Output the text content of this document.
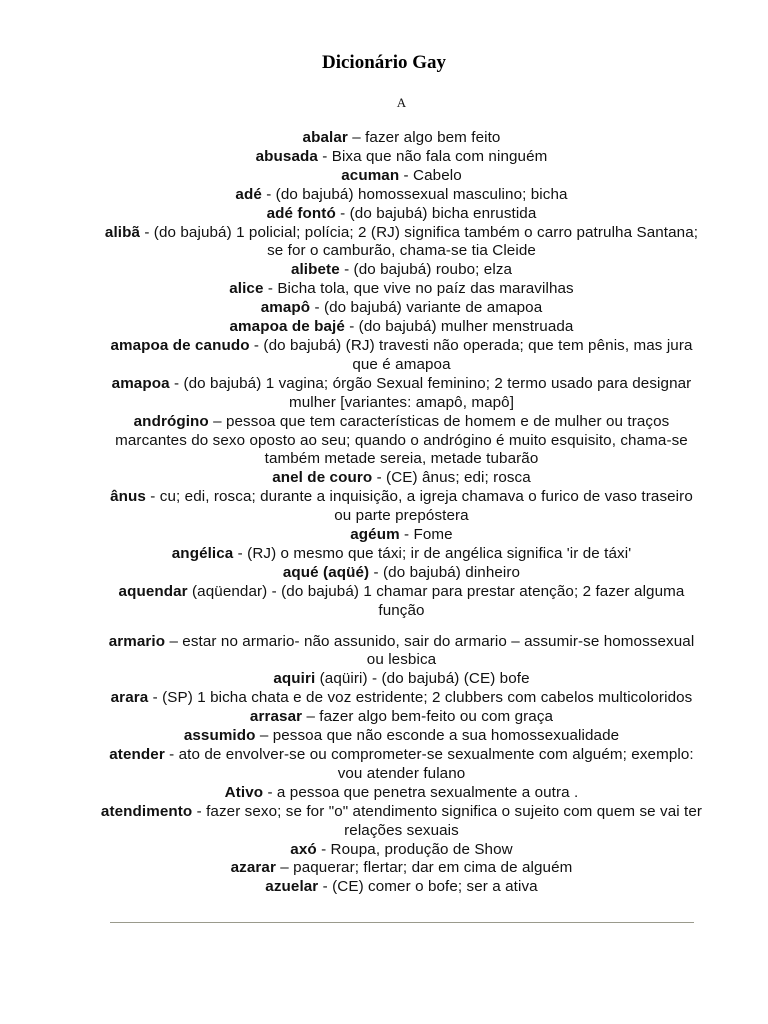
Dicionário Gay
A

abalar – fazer algo bem feito

abusada - Bixa que não fala com ninguém

acuman - Cabelo

adé - (do bajubá) homossexual masculino; bicha

adé fontó - (do bajubá) bicha enrustida

alibã - (do bajubá) 1 policial; polícia; 2 (RJ) significa também o carro patrulha Santana; se for o camburão, chama-se tia Cleide

alibete - (do bajubá) roubo; elza

alice - Bicha tola, que vive no paíz das maravilhas

amapô - (do bajubá) variante de amapoa

amapoa de bajé - (do bajubá) mulher menstruada

amapoa de canudo - (do bajubá) (RJ) travesti não operada; que tem pênis, mas jura que é amapoa

amapoa - (do bajubá) 1 vagina; órgão Sexual feminino; 2 termo usado para designar mulher [variantes: amapô, mapô]

andrógino – pessoa que tem características de homem e de mulher ou traços marcantes do sexo oposto ao seu; quando o andrógino é muito esquisito, chama-se também metade sereia, metade tubarão

anel de couro - (CE) ânus; edi; rosca

ânus - cu; edi, rosca; durante a inquisição, a igreja chamava o furico de vaso traseiro ou parte prepóstera

agéum - Fome

angélica - (RJ) o mesmo que táxi; ir de angélica significa 'ir de táxi'

aqué (aqüé) - (do bajubá) dinheiro

aquendar (aqüendar) - (do bajubá) 1 chamar para prestar atenção; 2 fazer alguma função

armario – estar no armario- não assunido, sair do armario – assumir-se homossexual ou lesbica

aquiri (aqüiri) - (do bajubá) (CE) bofe

arara - (SP) 1 bicha chata e de voz estridente; 2 clubbers com cabelos multicoloridos

arrasar – fazer algo bem-feito ou com graça

assumido – pessoa que não esconde a sua homossexualidade

atender - ato de envolver-se ou comprometer-se sexualmente com alguém; exemplo: vou atender fulano

Ativo - a pessoa que penetra sexualmente a outra .

atendimento - fazer sexo; se for "o" atendimento significa o sujeito com quem se vai ter relações sexuais

axó - Roupa, produção de Show

azarar – paquerar; flertar; dar em cima de alguém

azuelar - (CE) comer o bofe; ser a ativa
